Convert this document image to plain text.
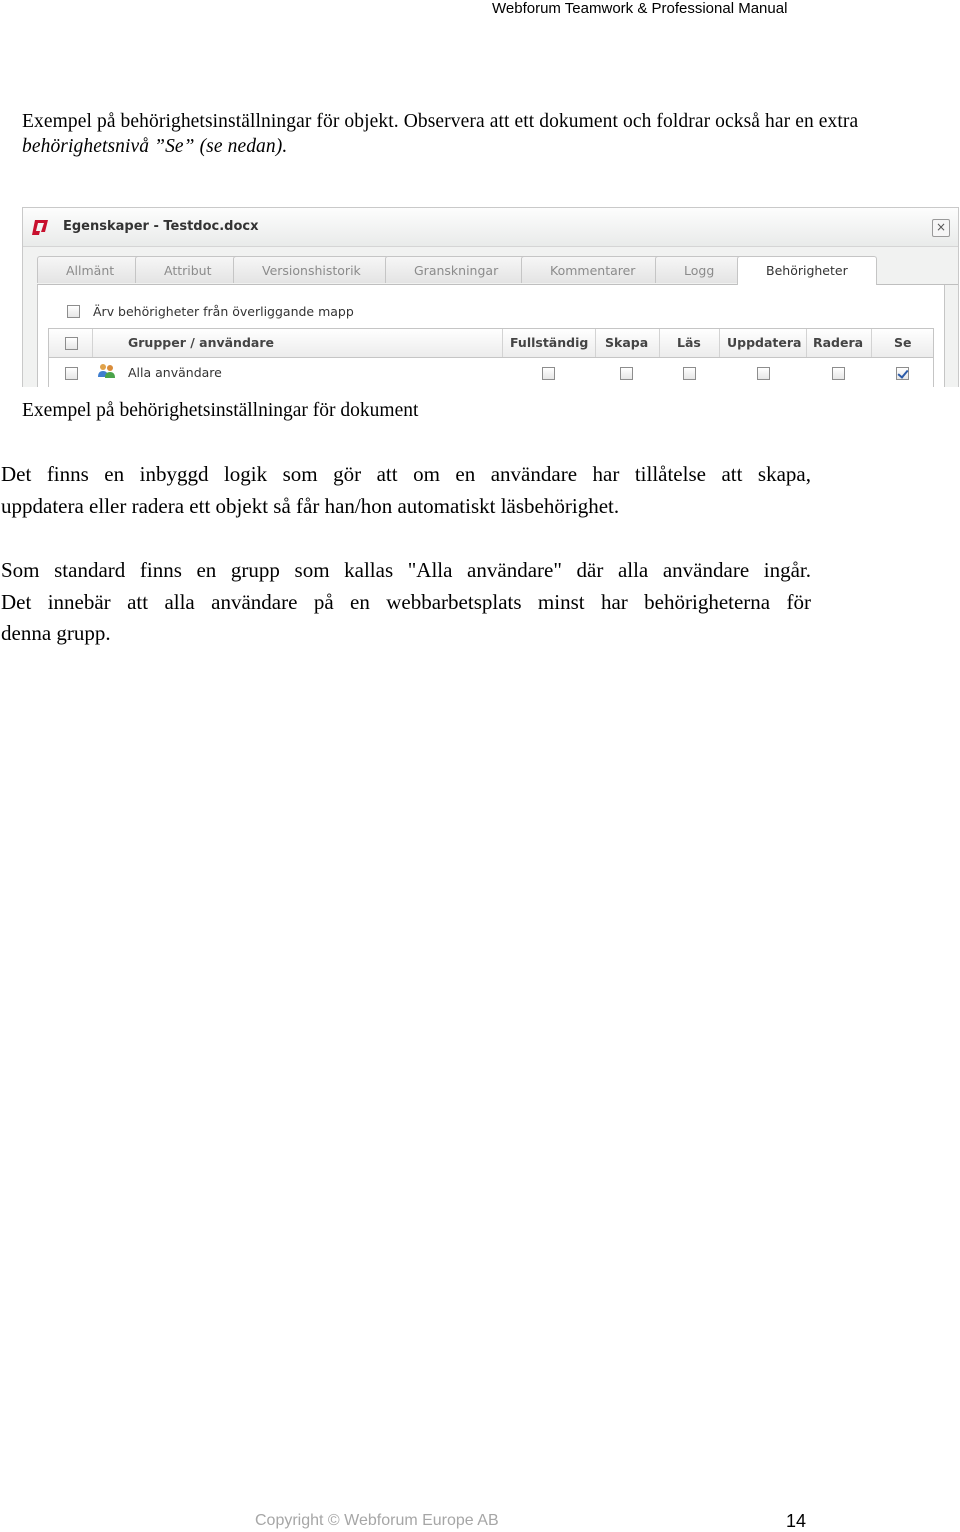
Webforum Teamwork & Professional Manual
Exempel på behörighetsinställningar för objekt. Observera att ett dokument och foldrar också har en extra
behörighetsnivå ”Se” (se nedan).
Egenskaper - Testdoc.docx	×
Allmänt	Attribut	Versionshistorik	Granskningar	Kommentarer	Logg	Behörigheter
Ärv behörigheter från överliggande mapp
Grupper / användare	Fullständig Skapa Läs Uppdatera Radera Se
Alla användare
Exempel på behörighetsinställningar för dokument
Det finns en inbyggd logik som gör att om en användare har tillåtelse att skapa,
uppdatera eller radera ett objekt så får han/hon automatiskt läsbehörighet.
Som standard finns en grupp som kallas "Alla användare" där alla användare ingår.
Det innebär att alla användare på en webbarbetsplats minst har behörigheterna för
denna grupp.
Copyright © Webforum Europe AB	14
